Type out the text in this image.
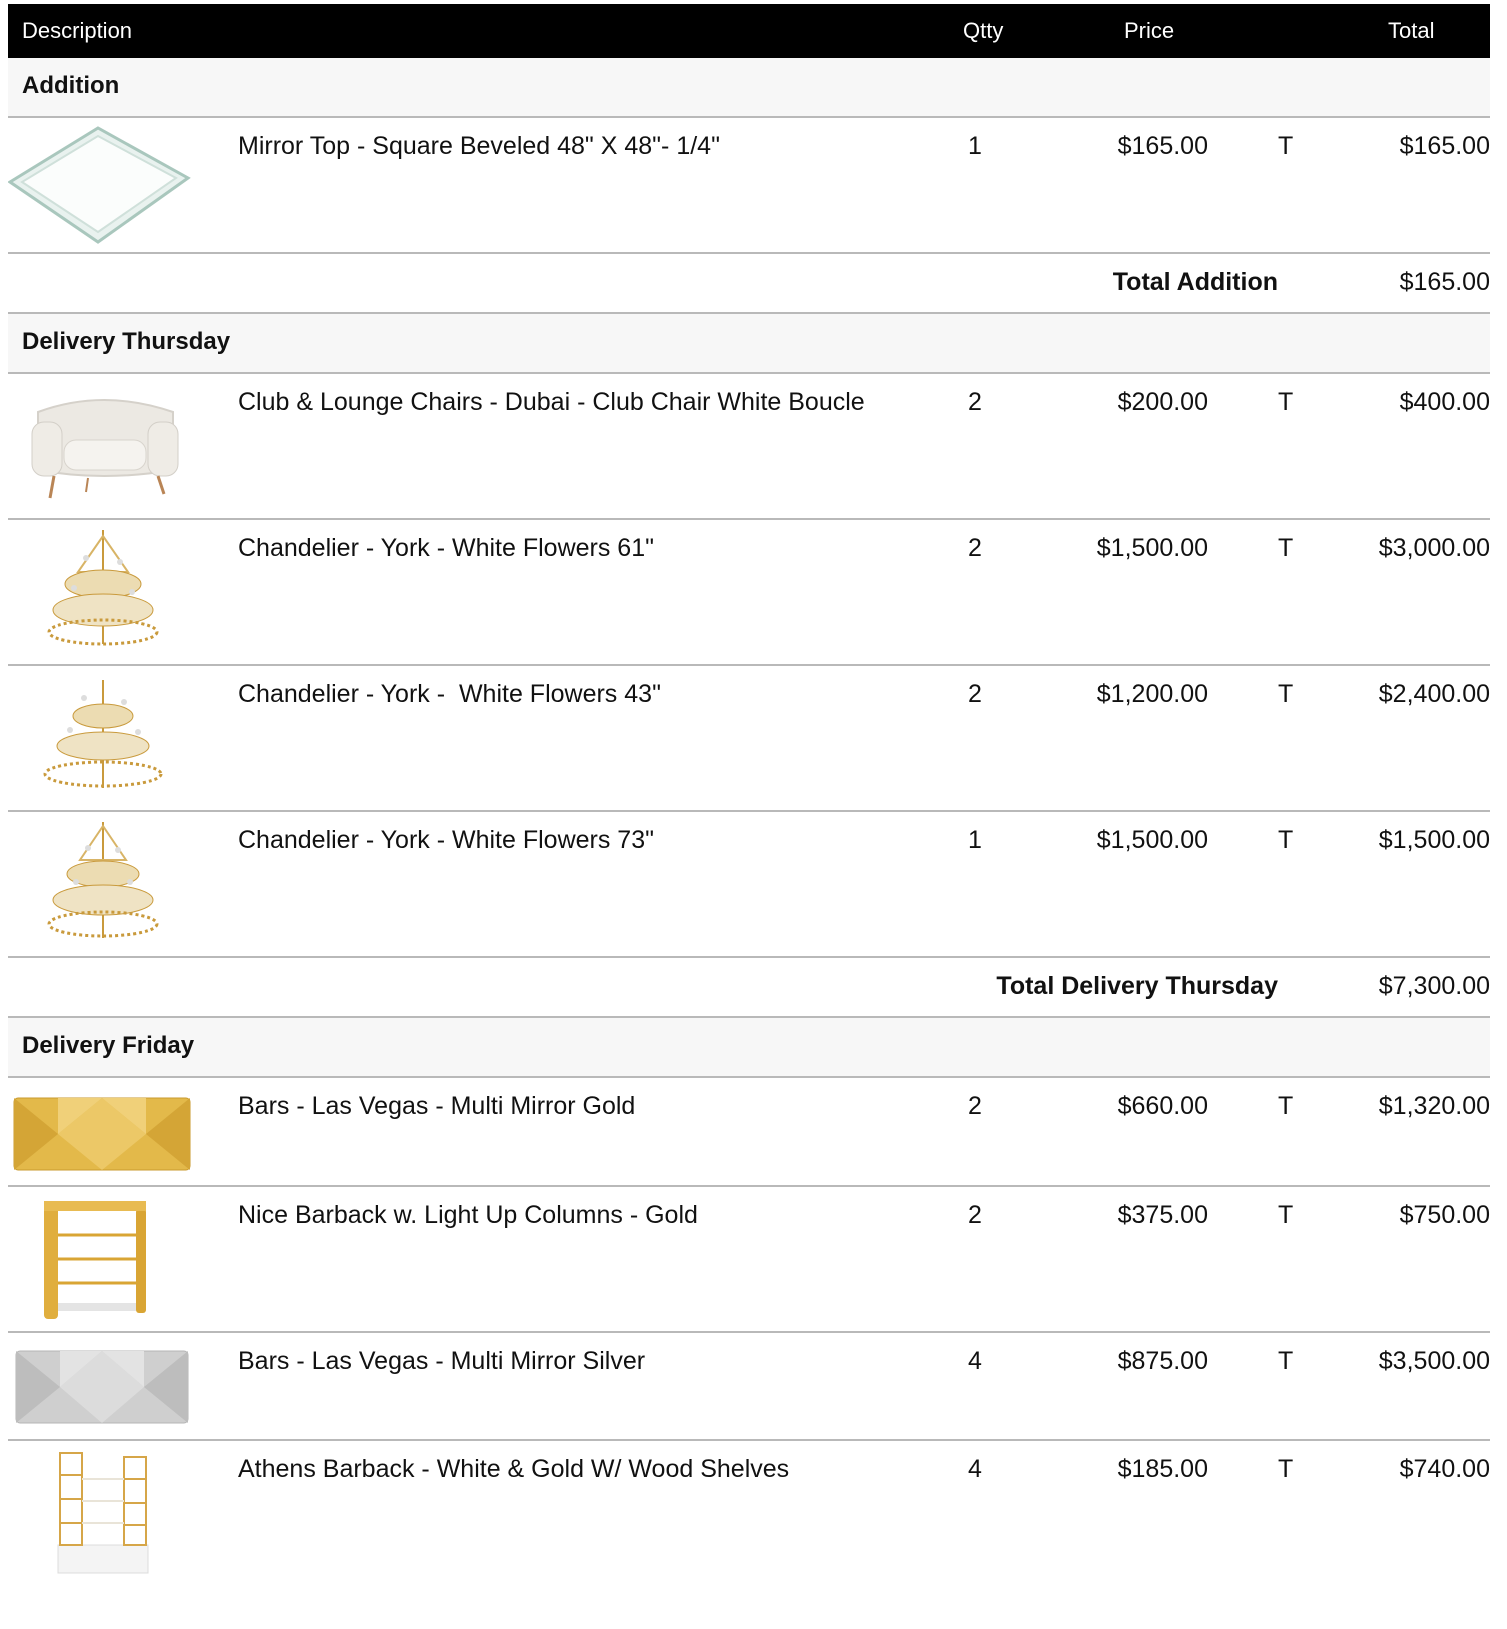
Description	Qtty	Price	Total
Addition
Mirror Top - Square Beveled 48" X 48"- 1/4"	1	$165.00	T	$165.00
Total Addition	$165.00
Delivery Thursday
Club & Lounge Chairs - Dubai - Club Chair White Boucle	2	$200.00	T	$400.00
Chandelier - York - White Flowers 61"	2	$1,500.00	T	$3,000.00
Chandelier - York -  White Flowers 43"	2	$1,200.00	T	$2,400.00
Chandelier - York - White Flowers 73"	1	$1,500.00	T	$1,500.00
Total Delivery Thursday	$7,300.00
Delivery Friday
Bars - Las Vegas - Multi Mirror Gold	2	$660.00	T	$1,320.00
Nice Barback w. Light Up Columns - Gold	2	$375.00	T	$750.00
Bars - Las Vegas - Multi Mirror Silver	4	$875.00	T	$3,500.00
Athens Barback - White & Gold W/ Wood Shelves	4	$185.00	T	$740.00
